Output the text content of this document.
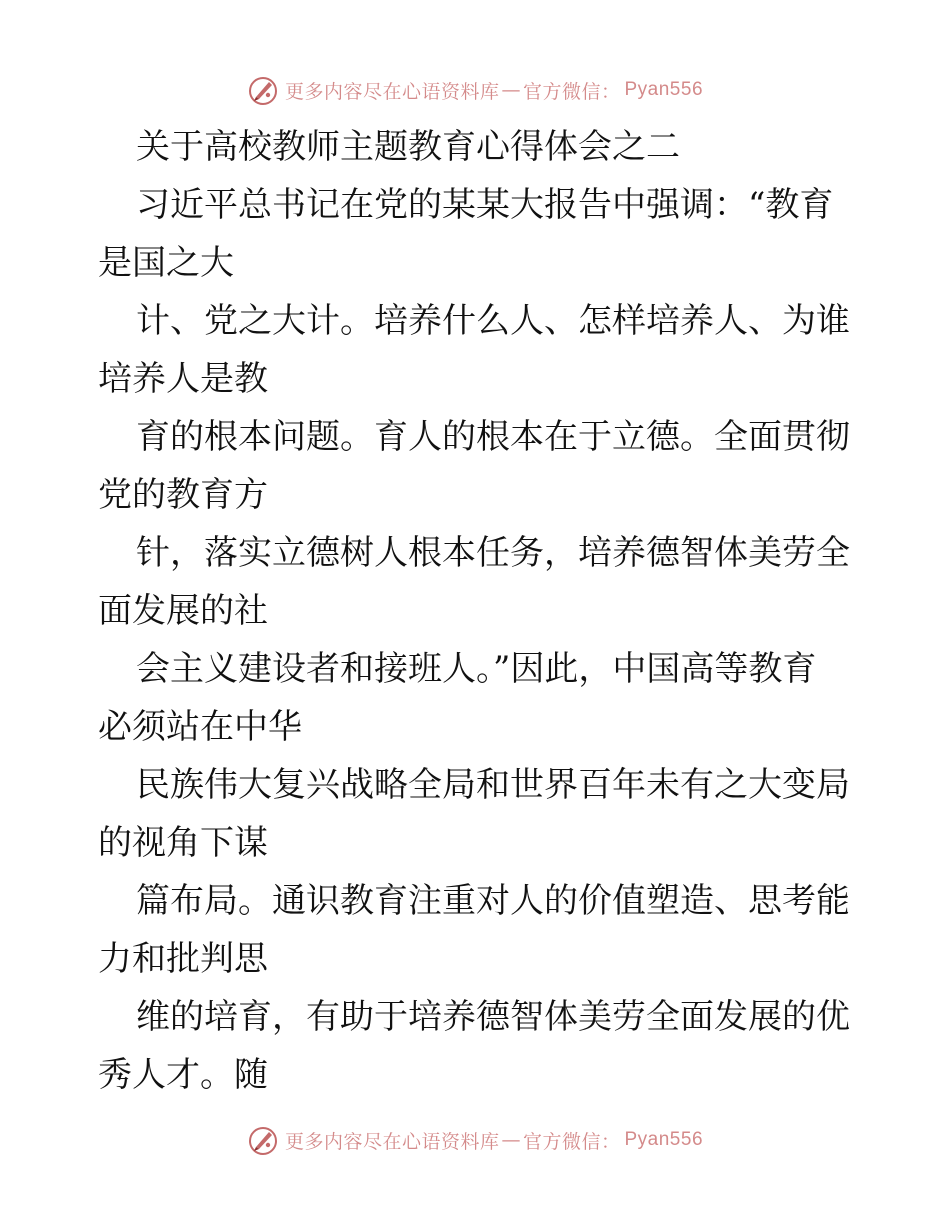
更多内容尽在心语资料库 — 官方微信： Pyan556

关于高校教师主题教育心得体会之二

习近平总书记在党的某某大报告中强调：“教育

是国之大

计、党之大计。培养什么人、怎样培养人、为谁

培养人是教

育的根本问题。育人的根本在于立德。全面贯彻

党的教育方

针，落实立德树人根本任务，培养德智体美劳全

面发展的社

会主义建设者和接班人。”因此，中国高等教育

必须站在中华

民族伟大复兴战略全局和世界百年未有之大变局

的视角下谋

篇布局。通识教育注重对人的价值塑造、思考能

力和批判思

维的培育，有助于培养德智体美劳全面发展的优

秀人才。随

更多内容尽在心语资料库 — 官方微信： Pyan556
